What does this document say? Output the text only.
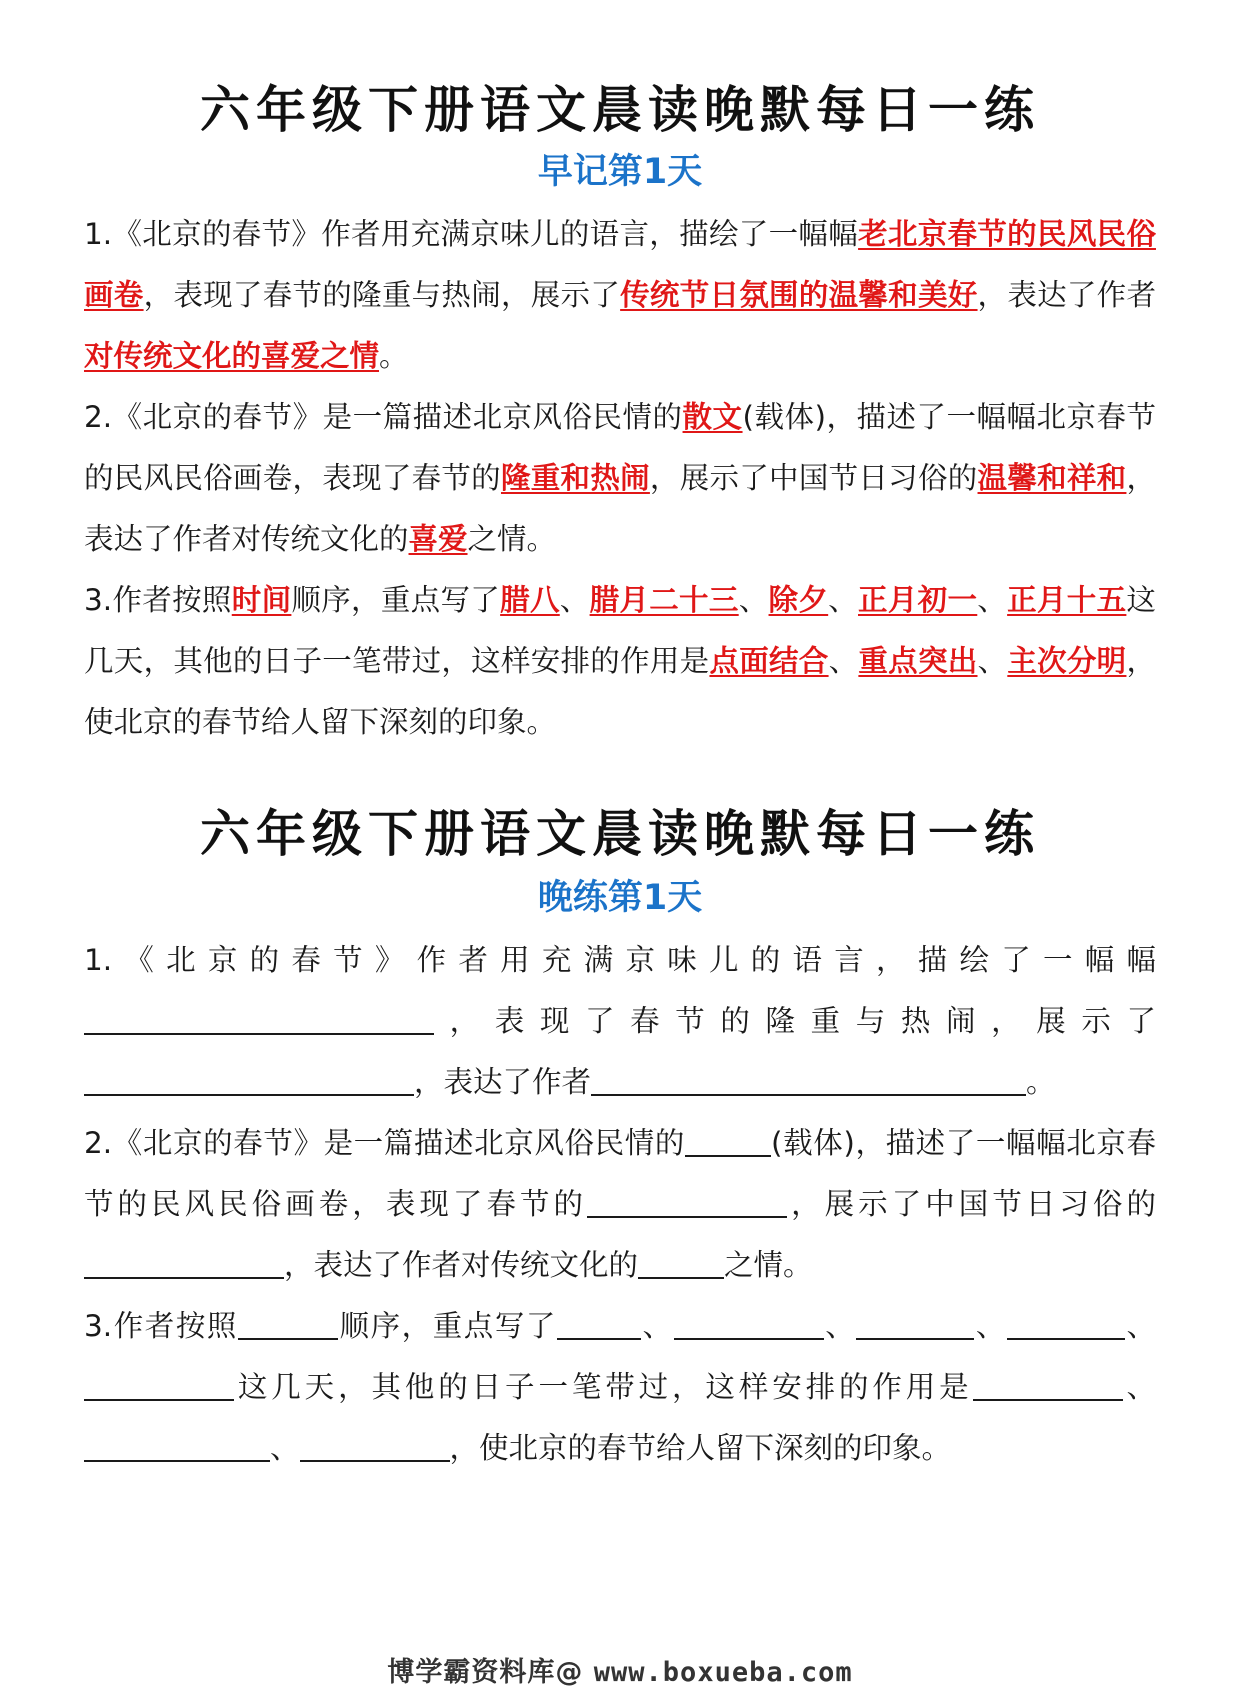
六年级下册语文晨读晚默每日一练
早记第1天

1.《北京的春节》作者用充满京味儿的语言，描绘了一幅幅老北京春节的民风民俗画卷，表现了春节的隆重与热闹，展示了传统节日氛围的温馨和美好，表达了作者对传统文化的喜爱之情。

2.《北京的春节》是一篇描述北京风俗民情的散文(载体)，描述了一幅幅北京春节的民风民俗画卷，表现了春节的隆重和热闹，展示了中国节日习俗的温馨和祥和，表达了作者对传统文化的喜爱之情。

3.作者按照时间顺序，重点写了腊八、腊月二十三、除夕、正月初一、正月十五这几天，其他的日子一笔带过，这样安排的作用是点面结合、重点突出、主次分明，使北京的春节给人留下深刻的印象。

六年级下册语文晨读晚默每日一练
晚练第1天

1.《北京的春节》作者用充满京味儿的语言，描绘了一幅幅，表现了春节的隆重与热闹，展示了，表达了作者	。

2.《北京的春节》是一篇描述北京风俗民情的	(载体)，描述了一幅幅北京春节的民风民俗画卷，表现了春节的	，展示了中国节日习俗的，表达了作者对传统文化的	之情。

3.作者按照	顺序，重点写了	、	、	、	、这几天，其他的日子一笔带过，这样安排的作用是	、、	，使北京的春节给人留下深刻的印象。

博学霸资料库@ www.boxueba.com
